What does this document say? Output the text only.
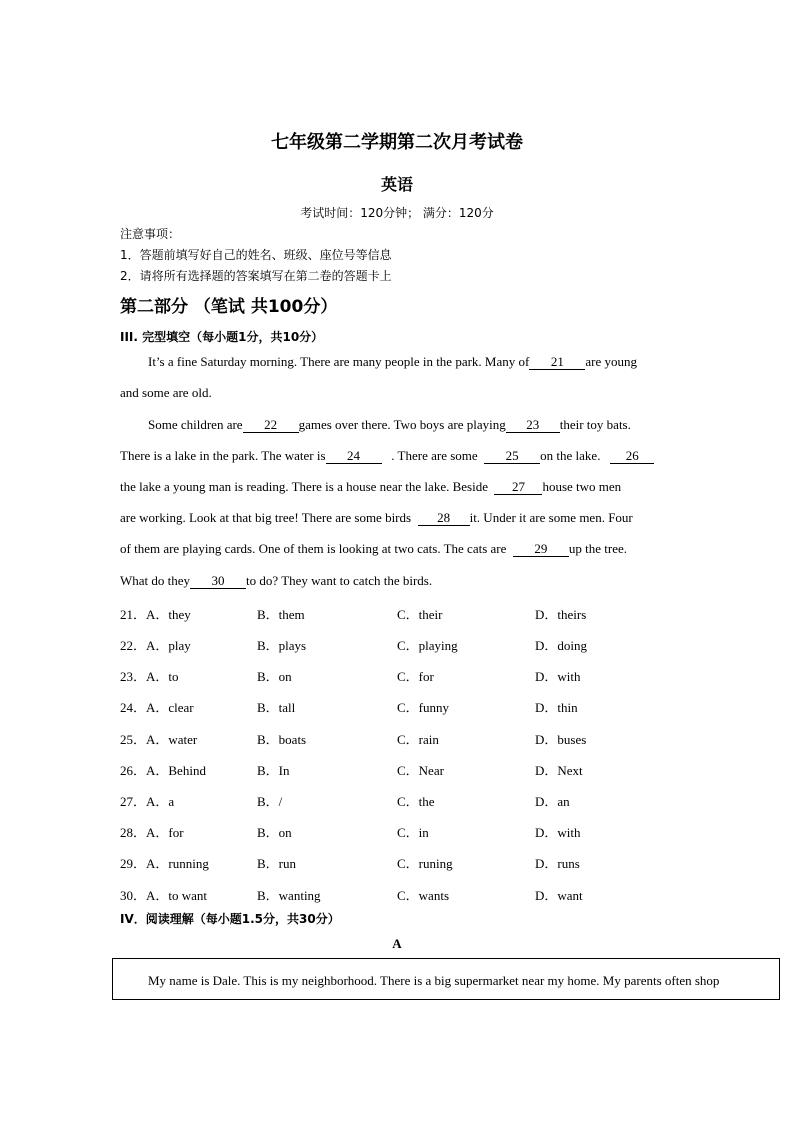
七年级第二学期第二次月考试卷
英语
考试时间：120分钟； 满分：120分
注意事项：
1．答题前填写好自己的姓名、班级、座位号等信息
2．请将所有选择题的答案填写在第二卷的答题卡上
第二部分 （笔试 共100分）
III. 完型填空（每小题1分，共10分）
It’s a fine Saturday morning. There are many people in the park. Many of 21 are young
and some are old.
Some children are 22 games over there. Two boys are playing 23 their toy bats.
There is a lake in the park. The water is 24 . There are some 25 on the lake. 26
the lake a young man is reading. There is a house near the lake. Beside 27 house two men
are working. Look at that big tree! There are some birds 28 it. Under it are some men. Four
of them are playing cards. One of them is looking at two cats. The cats are 29 up the tree.
What do they 30 to do? They want to catch the birds.
21．A．they	B．them	C．their	D．theirs
22．A．play	B．plays	C．playing	D．doing
23．A．to	B．on	C．for	D．with
24．A．clear	B．tall	C．funny	D．thin
25．A．water	B．boats	C．rain	D．buses
26．A．Behind	B．In	C．Near	D．Next
27．A．a	B．/	C．the	D．an
28．A．for	B．on	C．in	D．with
29．A．running	B．run	C．runing	D．runs
30．A．to want	B．wanting	C．wants	D．want
IV．阅读理解（每小题1.5分，共30分）
A
My name is Dale. This is my neighborhood. There is a big supermarket near my home. My parents often shop
